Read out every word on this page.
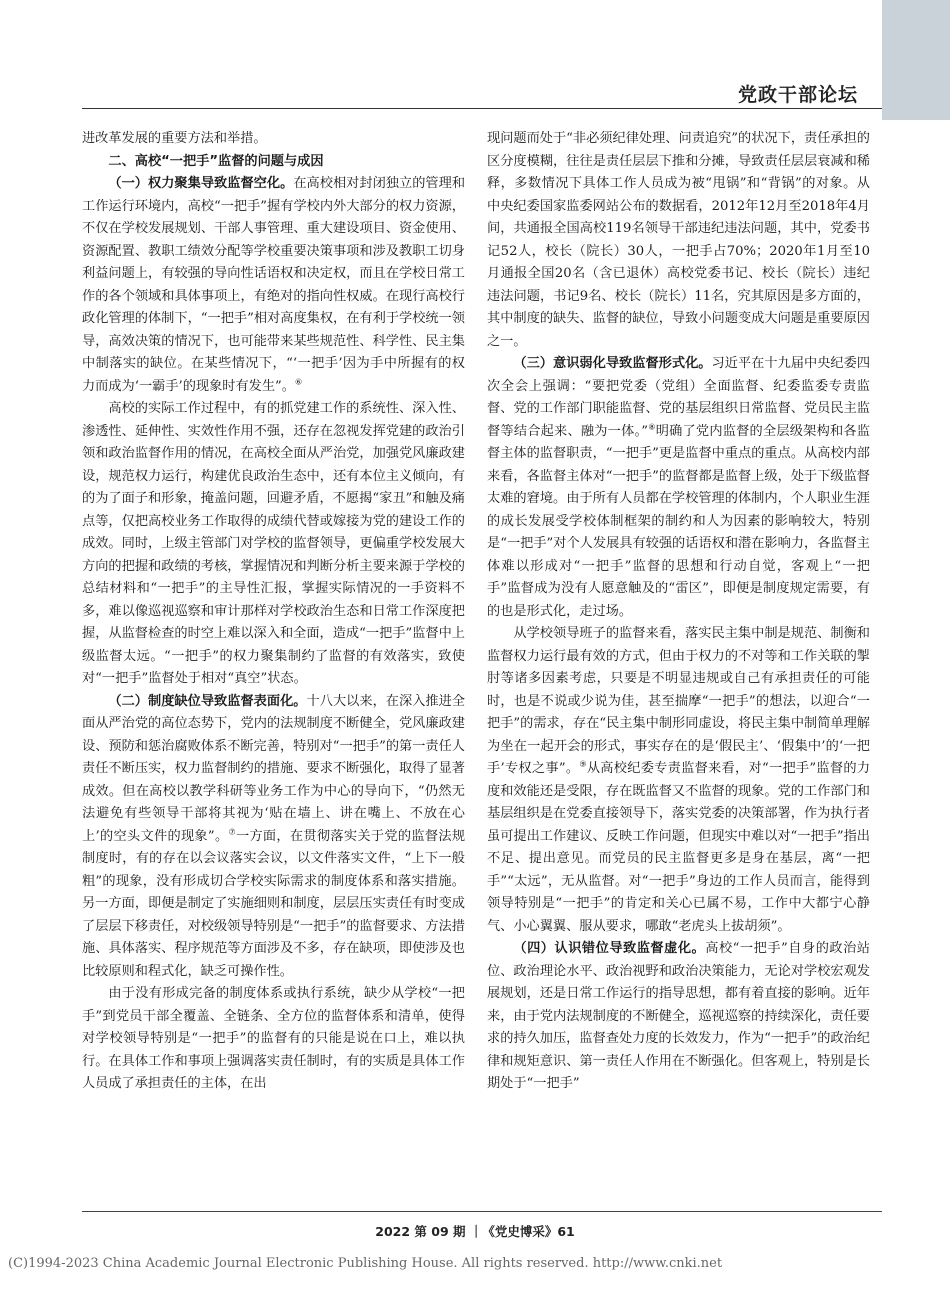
党政干部论坛

进改革发展的重要方法和举措。

二、高校“一把手”监督的问题与成因

（一）权力聚集导致监督空化。在高校相对封闭独立的管理和工作运行环境内，高校“一把手”握有学校内外大部分的权力资源，不仅在学校发展规划、干部人事管理、重大建设项目、资金使用、资源配置、教职工绩效分配等学校重要决策事项和涉及教职工切身利益问题上，有较强的导向性话语权和决定权，而且在学校日常工作的各个领域和具体事项上，有绝对的指向性权威。在现行高校行政化管理的体制下，“一把手”相对高度集权，在有利于学校统一领导，高效决策的情况下，也可能带来某些规范性、科学性、民主集中制落实的缺位。在某些情况下，“‘一把手’因为手中所握有的权力而成为‘一霸手’的现象时有发生”。⑥

高校的实际工作过程中，有的抓党建工作的系统性、深入性、渗透性、延伸性、实效性作用不强，还存在忽视发挥党建的政治引领和政治监督作用的情况，在高校全面从严治党，加强党风廉政建设，规范权力运行，构建优良政治生态中，还有本位主义倾向，有的为了面子和形象，掩盖问题，回避矛盾，不愿揭“家丑”和触及痛点等，仅把高校业务工作取得的成绩代替或嫁接为党的建设工作的成效。同时，上级主管部门对学校的监督领导，更偏重学校发展大方向的把握和政绩的考核，掌握情况和判断分析主要来源于学校的总结材料和“一把手”的主导性汇报，掌握实际情况的一手资料不多，难以像巡视巡察和审计那样对学校政治生态和日常工作深度把握，从监督检查的时空上难以深入和全面，造成“一把手”监督中上级监督太远。“一把手”的权力聚集制约了监督的有效落实，致使对“一把手”监督处于相对“真空”状态。

（二）制度缺位导致监督表面化。十八大以来，在深入推进全面从严治党的高位态势下，党内的法规制度不断健全，党风廉政建设、预防和惩治腐败体系不断完善，特别对“一把手”的第一责任人责任不断压实，权力监督制约的措施、要求不断强化，取得了显著成效。但在高校以教学科研等业务工作为中心的导向下，“仍然无法避免有些领导干部将其视为‘贴在墙上、讲在嘴上、不放在心上’的空头文件的现象”。⑦一方面，在贯彻落实关于党的监督法规制度时，有的存在以会议落实会议，以文件落实文件，“上下一般粗”的现象，没有形成切合学校实际需求的制度体系和落实措施。另一方面，即便是制定了实施细则和制度，层层压实责任有时变成了层层下移责任，对校级领导特别是“一把手”的监督要求、方法措施、具体落实、程序规范等方面涉及不多，存在缺项，即使涉及也比较原则和程式化，缺乏可操作性。

由于没有形成完备的制度体系或执行系统，缺少从学校“一把手”到党员干部全覆盖、全链条、全方位的监督体系和清单，使得对学校领导特别是“一把手”的监督有的只能是说在口上，难以执行。在具体工作和事项上强调落实责任制时，有的实质是具体工作人员成了承担责任的主体，在出

现问题而处于“非必须纪律处理、问责追究”的状况下，责任承担的区分度模糊，往往是责任层层下推和分摊，导致责任层层衰减和稀释，多数情况下具体工作人员成为被“甩锅”和“背锅”的对象。从中央纪委国家监委网站公布的数据看，2012年12月至2018年4月间，共通报全国高校119名领导干部违纪违法问题，其中，党委书记52人，校长（院长）30人，一把手占70%；2020年1月至10月通报全国20名（含已退休）高校党委书记、校长（院长）违纪违法问题，书记9名、校长（院长）11名，究其原因是多方面的，其中制度的缺失、监督的缺位，导致小问题变成大问题是重要原因之一。

（三）意识弱化导致监督形式化。习近平在十九届中央纪委四次全会上强调：“要把党委（党组）全面监督、纪委监委专责监督、党的工作部门职能监督、党的基层组织日常监督、党员民主监督等结合起来、融为一体。”⑧明确了党内监督的全层级架构和各监督主体的监督职责，“一把手”更是监督中重点的重点。从高校内部来看，各监督主体对“一把手”的监督都是监督上级，处于下级监督太难的窘境。由于所有人员都在学校管理的体制内，个人职业生涯的成长发展受学校体制框架的制约和人为因素的影响较大，特别是“一把手”对个人发展具有较强的话语权和潜在影响力，各监督主体难以形成对“一把手”监督的思想和行动自觉，客观上“一把手”监督成为没有人愿意触及的“雷区”，即便是制度规定需要，有的也是形式化，走过场。

从学校领导班子的监督来看，落实民主集中制是规范、制衡和监督权力运行最有效的方式，但由于权力的不对等和工作关联的掣肘等诸多因素考虑，只要是不明显违规或自己有承担责任的可能时，也是不说或少说为佳，甚至揣摩“一把手”的想法，以迎合“一把手”的需求，存在“民主集中制形同虚设，将民主集中制简单理解为坐在一起开会的形式，事实存在的是‘假民主’、‘假集中’的‘一把手’专权之事”。⑨从高校纪委专责监督来看，对“一把手”监督的力度和效能还是受限，存在既监督又不监督的现象。党的工作部门和基层组织是在党委直接领导下，落实党委的决策部署，作为执行者虽可提出工作建议、反映工作问题，但现实中难以对“一把手”指出不足、提出意见。而党员的民主监督更多是身在基层，离“一把手”“太远”，无从监督。对“一把手”身边的工作人员而言，能得到领导特别是“一把手”的肯定和关心已属不易，工作中大都宁心静气、小心翼翼、服从要求，哪敢“老虎头上拔胡须”。

（四）认识错位导致监督虚化。高校“一把手”自身的政治站位、政治理论水平、政治视野和政治决策能力，无论对学校宏观发展规划，还是日常工作运行的指导思想，都有着直接的影响。近年来，由于党内法规制度的不断健全，巡视巡察的持续深化，责任要求的持久加压，监督查处力度的长效发力，作为“一把手”的政治纪律和规矩意识、第一责任人作用在不断强化。但客观上，特别是长期处于“一把手”

2022 第 09 期 ｜《党史博采》61
(C)1994-2023 China Academic Journal Electronic Publishing House. All rights reserved. http://www.cnki.net
